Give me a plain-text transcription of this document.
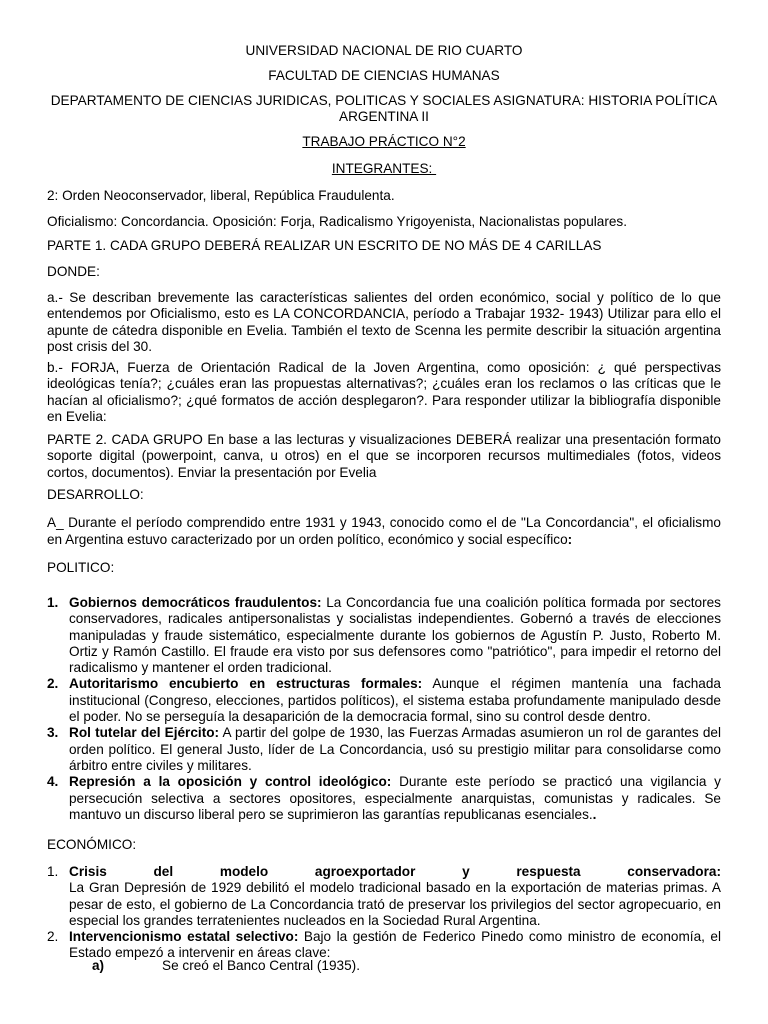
UNIVERSIDAD NACIONAL DE RIO CUARTO
FACULTAD DE CIENCIAS HUMANAS
DEPARTAMENTO DE CIENCIAS JURIDICAS, POLITICAS Y SOCIALES ASIGNATURA: HISTORIA POLÍTICA ARGENTINA II
TRABAJO PRÁCTICO N°2
INTEGRANTES:
2: Orden Neoconservador, liberal, República Fraudulenta.
Oficialismo: Concordancia. Oposición: Forja, Radicalismo Yrigoyenista, Nacionalistas populares.
PARTE 1. CADA GRUPO DEBERÁ REALIZAR UN ESCRITO DE NO MÁS DE 4 CARILLAS
DONDE:
a.- Se describan brevemente las características salientes del orden económico, social y político de lo que entendemos por Oficialismo, esto es LA CONCORDANCIA, período a Trabajar 1932- 1943) Utilizar para ello el apunte de cátedra disponible en Evelia. También el texto de Scenna les permite describir la situación argentina post crisis del 30.
b.- FORJA, Fuerza de Orientación Radical de la Joven Argentina, como oposición: ¿ qué perspectivas ideológicas tenía?; ¿cuáles eran las propuestas alternativas?; ¿cuáles eran los reclamos o las críticas que le hacían al oficialismo?; ¿qué formatos de acción desplegaron?. Para responder utilizar la bibliografía disponible en Evelia:
PARTE 2. CADA GRUPO En base a las lecturas y visualizaciones DEBERÁ realizar una presentación formato soporte digital (powerpoint, canva, u otros) en el que se incorporen recursos multimediales (fotos, videos cortos, documentos). Enviar la presentación por Evelia
DESARROLLO:
A_ Durante el período comprendido entre 1931 y 1943, conocido como el de "La Concordancia", el oficialismo en Argentina estuvo caracterizado por un orden político, económico y social específico:
POLITICO:
1. Gobiernos democráticos fraudulentos: La Concordancia fue una coalición política formada por sectores conservadores, radicales antipersonalistas y socialistas independientes. Gobernó a través de elecciones manipuladas y fraude sistemático, especialmente durante los gobiernos de Agustín P. Justo, Roberto M. Ortiz y Ramón Castillo. El fraude era visto por sus defensores como "patriótico", para impedir el retorno del radicalismo y mantener el orden tradicional.
2. Autoritarismo encubierto en estructuras formales: Aunque el régimen mantenía una fachada institucional (Congreso, elecciones, partidos políticos), el sistema estaba profundamente manipulado desde el poder. No se perseguía la desaparición de la democracia formal, sino su control desde dentro.
3. Rol tutelar del Ejército: A partir del golpe de 1930, las Fuerzas Armadas asumieron un rol de garantes del orden político. El general Justo, líder de La Concordancia, usó su prestigio militar para consolidarse como árbitro entre civiles y militares.
4. Represión a la oposición y control ideológico: Durante este período se practicó una vigilancia y persecución selectiva a sectores opositores, especialmente anarquistas, comunistas y radicales. Se mantuvo un discurso liberal pero se suprimieron las garantías republicanas esenciales..
ECONÓMICO:
1. Crisis del modelo agroexportador y respuesta conservadora:
La Gran Depresión de 1929 debilitó el modelo tradicional basado en la exportación de materias primas. A pesar de esto, el gobierno de La Concordancia trató de preservar los privilegios del sector agropecuario, en especial los grandes terratenientes nucleados en la Sociedad Rural Argentina.
2. Intervencionismo estatal selectivo: Bajo la gestión de Federico Pinedo como ministro de economía, el Estado empezó a intervenir en áreas clave:
a)	Se creó el Banco Central (1935).
